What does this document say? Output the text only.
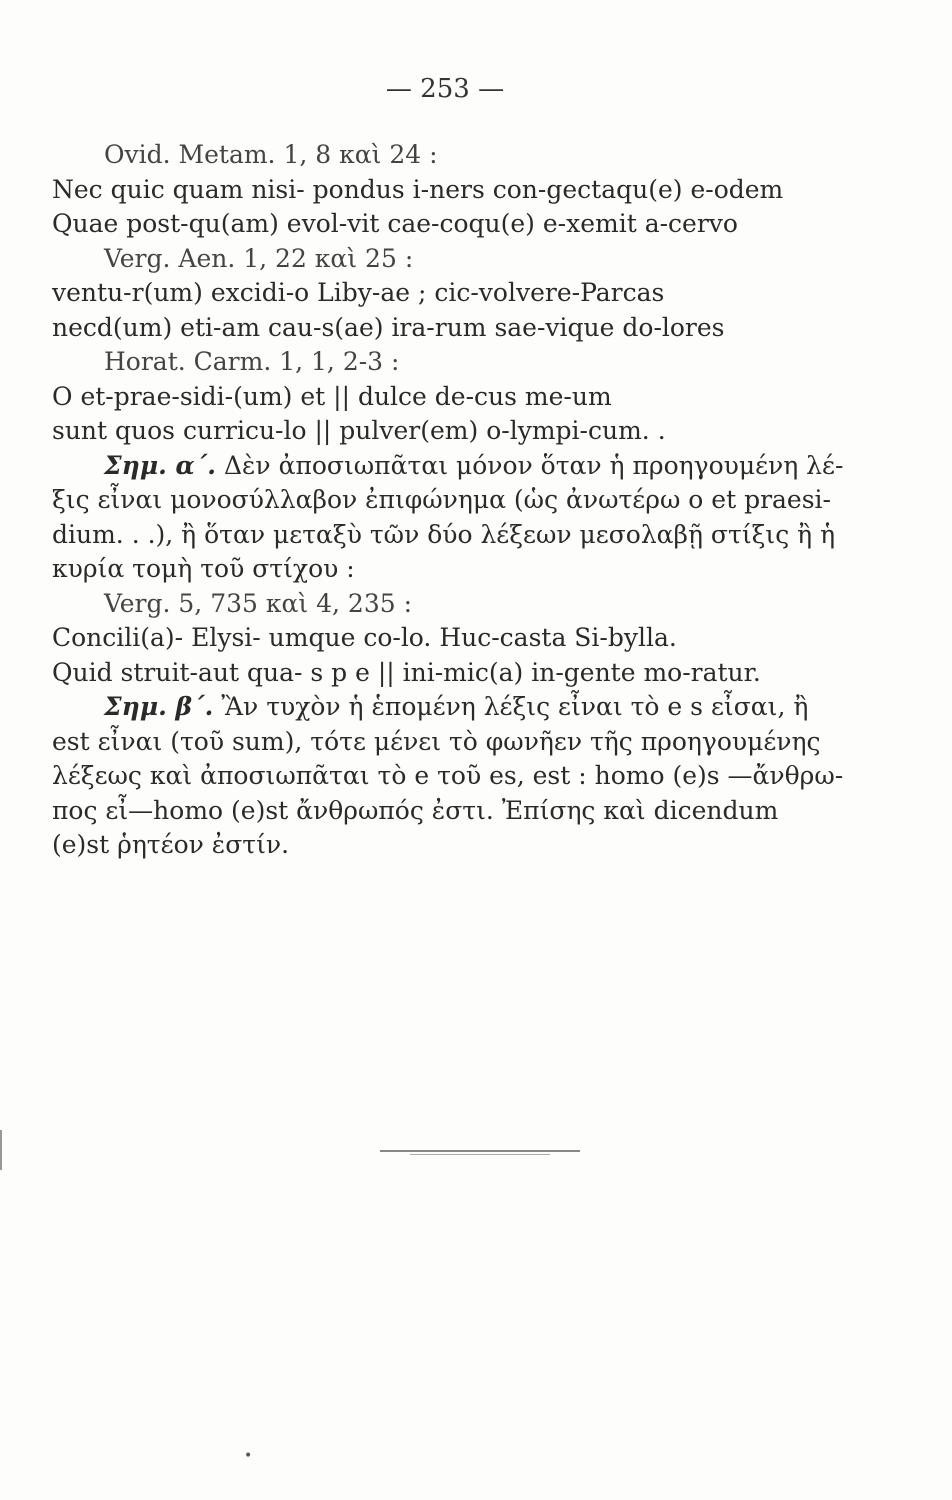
— 253 —
Ovid. Metam. 1, 8 καὶ 24 :
Nec quic quam nisi- pondus i-ners con-gectaqu(e) e-odem
Quae post-qu(am) evol-vit cae-coqu(e) e-xemit a-cervo
Verg. Aen. 1, 22 καὶ 25 :
ventu-r(um) excidi-o Liby-ae ; cic-volvere-Parcas
necd(um) eti-am cau-s(ae) ira-rum sae-vique do-lores
Horat. Carm. 1, 1, 2-3 :
O et-prae-sidi-(um) et || dulce de-cus me-um
sunt quos curricu-lo || pulver(em) o-lympi-cum. .
Σημ. α΄. Δὲν ἀποσιωπᾶται μόνον ὅταν ἡ προηγουμένη λέ-
ξις εἶναι μονοσύλλαβον ἐπιφώνημα (ὡς ἀνωτέρω o et praesi-
dium. . .), ἢ ὅταν μεταξὺ τῶν δύο λέξεων μεσολαβῇ στίξις ἢ ἡ
κυρία τομὴ τοῦ στίχου :
Verg. 5, 735 καὶ 4, 235 :
Concili(a)- Elysi- umque co-lo. Huc-casta Si-bylla.
Quid struit-aut qua- s p e || ini-mic(a) in-gente mo-ratur.
Σημ. β΄. Ἂν τυχὸν ἡ ἑπομένη λέξις εἶναι τὸ e s εἶσαι, ἢ
est εἶναι (τοῦ sum), τότε μένει τὸ φωνῆεν τῆς προηγουμένης
λέξεως καὶ ἀποσιωπᾶται τὸ e τοῦ es, est : homo (e)s —ἄνθρω-
πος εἶ—homo (e)st ἄνθρωπός ἐστι. Ἐπίσης καὶ dicendum
(e)st ῥητέον ἐστίν.
•
